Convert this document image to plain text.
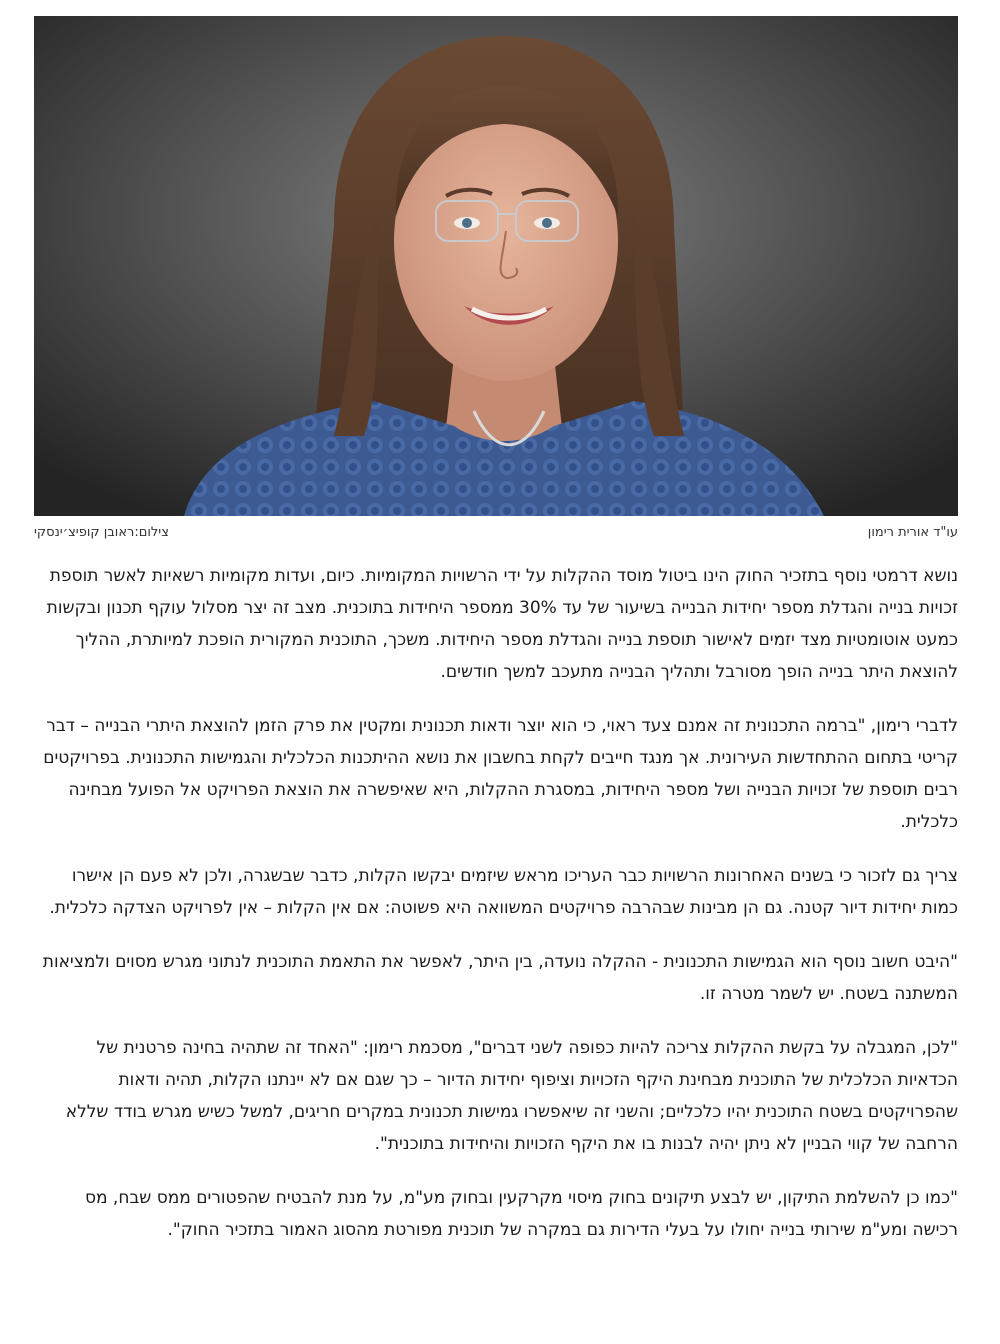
עו"ד אורית רימון
צילום:ראובן קופיצ׳ינסקי

נושא דרמטי נוסף בתזכיר החוק הינו ביטול מוסד ההקלות על ידי הרשויות המקומיות. כיום, ועדות מקומיות רשאיות לאשר תוספת זכויות בנייה והגדלת מספר יחידות הבנייה בשיעור של עד 30% ממספר היחידות בתוכנית. מצב זה יצר מסלול עוקף תכנון ובקשות כמעט אוטומטיות מצד יזמים לאישור תוספת בנייה והגדלת מספר היחידות. משכך, התוכנית המקורית הופכת למיותרת, ההליך להוצאת היתר בנייה הופך מסורבל ותהליך הבנייה מתעכב למשך חודשים.

לדברי רימון, "ברמה התכנונית זה אמנם צעד ראוי, כי הוא יוצר ודאות תכנונית ומקטין את פרק הזמן להוצאת היתרי הבנייה – דבר קריטי בתחום ההתחדשות העירונית. אך מנגד חייבים לקחת בחשבון את נושא ההיתכנות הכלכלית והגמישות התכנונית. בפרויקטים רבים תוספת של זכויות הבנייה ושל מספר היחידות, במסגרת ההקלות, היא שאיפשרה את הוצאת הפרויקט אל הפועל מבחינה כלכלית.

צריך גם לזכור כי בשנים האחרונות הרשויות כבר העריכו מראש שיזמים יבקשו הקלות, כדבר שבשגרה, ולכן לא פעם הן אישרו כמות יחידות דיור קטנה. גם הן מבינות שבהרבה פרויקטים המשוואה היא פשוטה: אם אין הקלות – אין לפרויקט הצדקה כלכלית.

"היבט חשוב נוסף הוא הגמישות התכנונית - ההקלה נועדה, בין היתר, לאפשר את התאמת התוכנית לנתוני מגרש מסוים ולמציאות המשתנה בשטח. יש לשמר מטרה זו.

"לכן, המגבלה על בקשת ההקלות צריכה להיות כפופה לשני דברים", מסכמת רימון: "האחד זה שתהיה בחינה פרטנית של הכדאיות הכלכלית של התוכנית מבחינת היקף הזכויות וציפוף יחידות הדיור – כך שגם אם לא יינתנו הקלות, תהיה ודאות שהפרויקטים בשטח התוכנית יהיו כלכליים; והשני זה שיאפשרו גמישות תכנונית במקרים חריגים, למשל כשיש מגרש בודד שללא הרחבה של קווי הבניין לא ניתן יהיה לבנות בו את היקף הזכויות והיחידות בתוכנית".

"כמו כן להשלמת התיקון, יש לבצע תיקונים בחוק מיסוי מקרקעין ובחוק מע"מ, על מנת להבטיח שהפטורים ממס שבח, מס רכישה ומע"מ שירותי בנייה יחולו על בעלי הדירות גם במקרה של תוכנית מפורטת מהסוג האמור בתזכיר החוק".
